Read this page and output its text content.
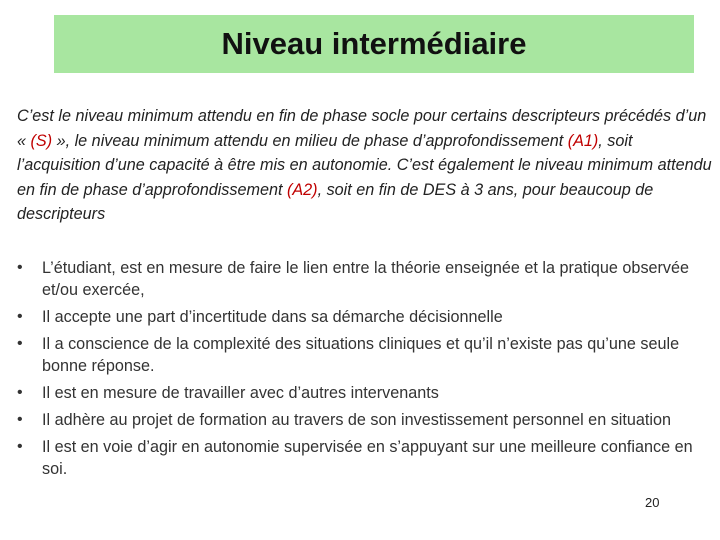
Niveau intermédiaire
C’est le niveau minimum attendu en fin de phase socle pour certains descripteurs précédés d’un « (S) », le niveau minimum attendu en milieu de phase d’approfondissement (A1), soit l’acquisition d’une capacité à être mis en autonomie. C’est également le niveau minimum attendu en fin de phase d’approfondissement (A2), soit en fin de DES à 3 ans, pour beaucoup de descripteurs
• L’étudiant, est en mesure de faire le lien entre la théorie enseignée et la pratique observée et/ou exercée,
• Il accepte une part d’incertitude dans sa démarche décisionnelle
• Il a conscience de la complexité des situations cliniques et qu’il n’existe pas qu’une seule bonne réponse.
• Il est en mesure de travailler avec d’autres intervenants
• Il adhère au projet de formation au travers de son investissement personnel en situation
• Il est en voie d’agir en autonomie supervisée en s’appuyant sur une meilleure confiance en soi.
20
